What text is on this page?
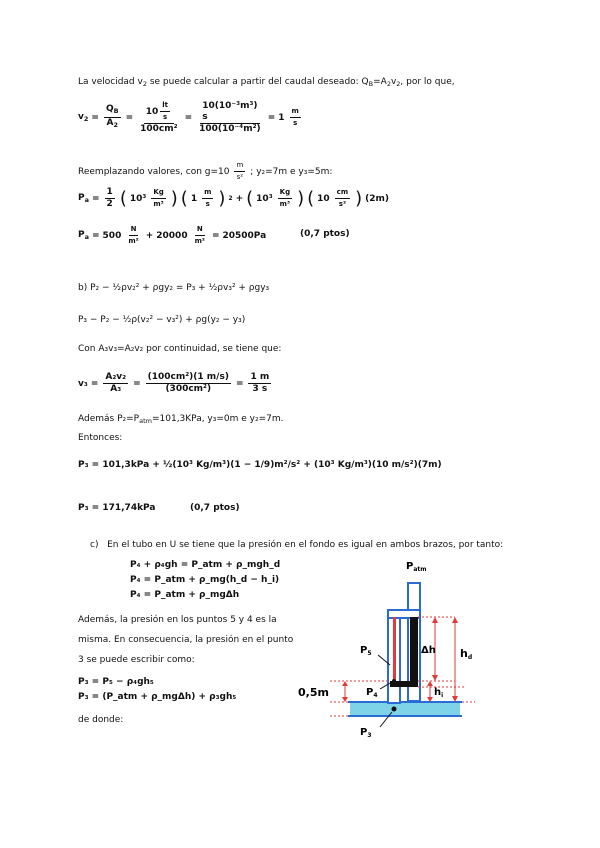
La velocidad $v_2$ se puede calcular a partir del caudal deseado: $Q_B=A_2v_2$, por lo que,
$v_2 = \frac{Q_B}{A_2} = \frac{10 \frac{lt}{s}}{\text{100cm²}}$ =
10(10⁻³m³)
s
100(10⁻⁴m²)
= $1 \frac{m}{s}$
Reemplazando valores, con $g=10 \frac{m}{\text{s²}}$ ; y₂=7m e y₃=5m:
$P_a = \frac{1}{2}$ ( $10^3 \frac{Kg}{\text{m³}}$ ) ( $1 \frac{m}{s}$ ) 2 + ( $10^3 \frac{Kg}{\text{m³}}$ ) ( $10 \frac{cm}{\text{s²}}$ ) (2m)
$P_a = 500 \frac{N}{\text{m²}} + 20000 \frac{N}{\text{m²}} = 20500Pa$	(0,7 ptos)
b) P₂ − ½ρv₂² + ρgy₂ = P₃ + ½ρv₃² + ρgy₃
P₃ − P₂ − ½ρ(v₂² − v₃²) + ρg(y₂ − y₃)
Con A₃v₃=A₂v₂ por continuidad, se tiene que:
$v_3 = \frac{\text{A₂v₂}}{\text{A₃}} = \frac{\text{(100cm²)(1 m/s)}}{\text{(300cm²)}} = \frac{1 m}{3 s}$
Además $P_2=P_{atm}=101,3KPa$, y₃=0m e y₂=7m.
Entonces:
P₃ = 101,3kPa + ½(10³ Kg/m³)(1 − 1/9)m²/s² + (10³ Kg/m³)(10 m/s²)(7m)
P₃ = 171,74kPa	(0,7 ptos)
c) En el tubo en U se tiene que la presión en el fondo es igual en ambos brazos, por tanto:
P₄ + ρ₄gh = P_atm + ρ_mgh_d
P₄ = P_atm + ρ_mg(h_d − h_i)
P₄ = P_atm + ρ_mgΔh
Además, la presión en los puntos 5 y 4 es la
misma. En consecuencia, la presión en el punto
3 se puede escribir como:
P₃ = P₅ − ρ₄gh₅
P₃ = (P_atm + ρ_mgΔh) + ρ₃gh₅
de donde:
$P_{atm}$
$P_5$
$P_4$
$P_3$
Δh hd
$h_i$
0,5m
